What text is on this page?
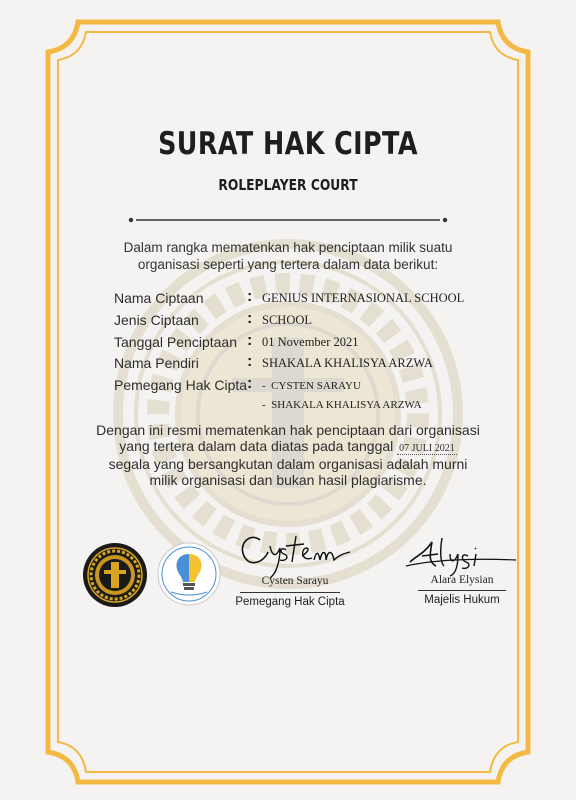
SURAT HAK CIPTA
ROLEPLAYER COURT
Dalam rangka mematenkan hak penciptaan milik suatu
organisasi seperti yang tertera dalam data berikut:
Nama Ciptaan	: GENIUS INTERNASIONAL SCHOOL
Jenis Ciptaan	: SCHOOL
Tanggal Penciptaan : 01 November 2021
Nama Pendiri	: SHAKALA KHALISYA ARZWA
Pemegang Hak Cipta : -  CYSTEN SARAYU
-  SHAKALA KHALISYA ARZWA
Dengan ini resmi mematenkan hak penciptaan dari organisasi
yang tertera dalam data diatas pada tanggal 07 JULI 2021
segala yang bersangkutan dalam organisasi adalah murni
milik organisasi dan bukan hasil plagiarisme.
Cysten Sarayu
Pemegang Hak Cipta
Alara Elysian
Majelis Hukum
